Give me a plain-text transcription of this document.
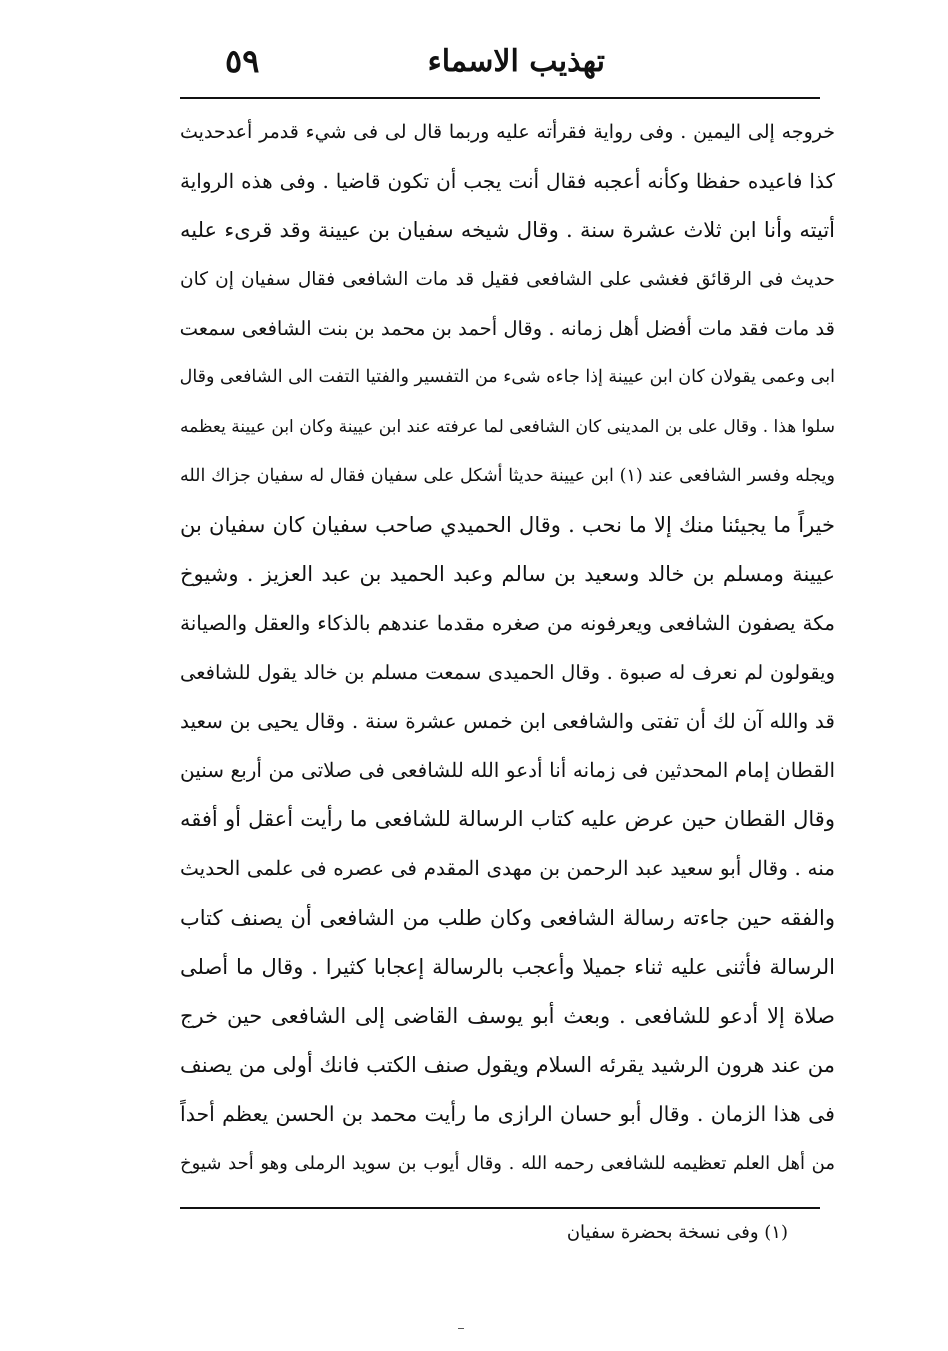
تهذيب الاسماء
٥٩
خروجه إلى اليمين . وفى رواية فقرأته عليه وربما قال لى فى شيء قدمر أعدحديث
كذا فاعيده حفظا وكأنه أعجبه فقال أنت يجب أن تكون قاضيا . وفى هذه الرواية
أتيته وأنا ابن ثلاث عشرة سنة . وقال شيخه سفيان بن عيينة وقد قرىء عليه
حديث فى الرقائق فغشى على الشافعى فقيل قد مات الشافعى فقال سفيان إن كان
قد مات فقد مات أفضل أهل زمانه . وقال أحمد بن محمد بن بنت الشافعى سمعت
ابى وعمى يقولان كان ابن عيينة إذا جاءه شىء من التفسير والفتيا التفت الى الشافعى وقال
سلوا هذا . وقال على بن المدينى كان الشافعى لما عرفته عند ابن عيينة وكان ابن عيينة يعظمه
ويجله وفسر الشافعى عند (١) ابن عيينة حديثا أشكل على سفيان فقال له سفيان جزاك الله
خيراً ما يجيئنا منك إلا ما نحب . وقال الحميدي صاحب سفيان كان سفيان بن
عيينة ومسلم بن خالد وسعيد بن سالم وعبد الحميد بن عبد العزيز . وشيوخ
مكة يصفون الشافعى ويعرفونه من صغره مقدما عندهم بالذكاء والعقل والصيانة
ويقولون لم نعرف له صبوة . وقال الحميدى سمعت مسلم بن خالد يقول للشافعى
قد والله آن لك أن تفتى والشافعى ابن خمس عشرة سنة . وقال يحيى بن سعيد
القطان إمام المحدثين فى زمانه أنا أدعو الله للشافعى فى صلاتى من أربع سنين
وقال القطان حين عرض عليه كتاب الرسالة للشافعى ما رأيت أعقل أو أفقه
منه . وقال أبو سعيد عبد الرحمن بن مهدى المقدم فى عصره فى علمى الحديث
والفقه حين جاءته رسالة الشافعى وكان طلب من الشافعى أن يصنف كتاب
الرسالة فأثنى عليه ثناء جميلا وأعجب بالرسالة إعجابا كثيرا . وقال ما أصلى
صلاة إلا أدعو للشافعى . وبعث أبو يوسف القاضى إلى الشافعى حين خرج
من عند هرون الرشيد يقرئه السلام ويقول صنف الكتب فانك أولى من يصنف
فى هذا الزمان . وقال أبو حسان الرازى ما رأيت محمد بن الحسن يعظم أحداً
من أهل العلم تعظيمه للشافعى رحمه الله . وقال أيوب بن سويد الرملى وهو أحد شيوخ
(١) وفى نسخة بحضرة سفيان
